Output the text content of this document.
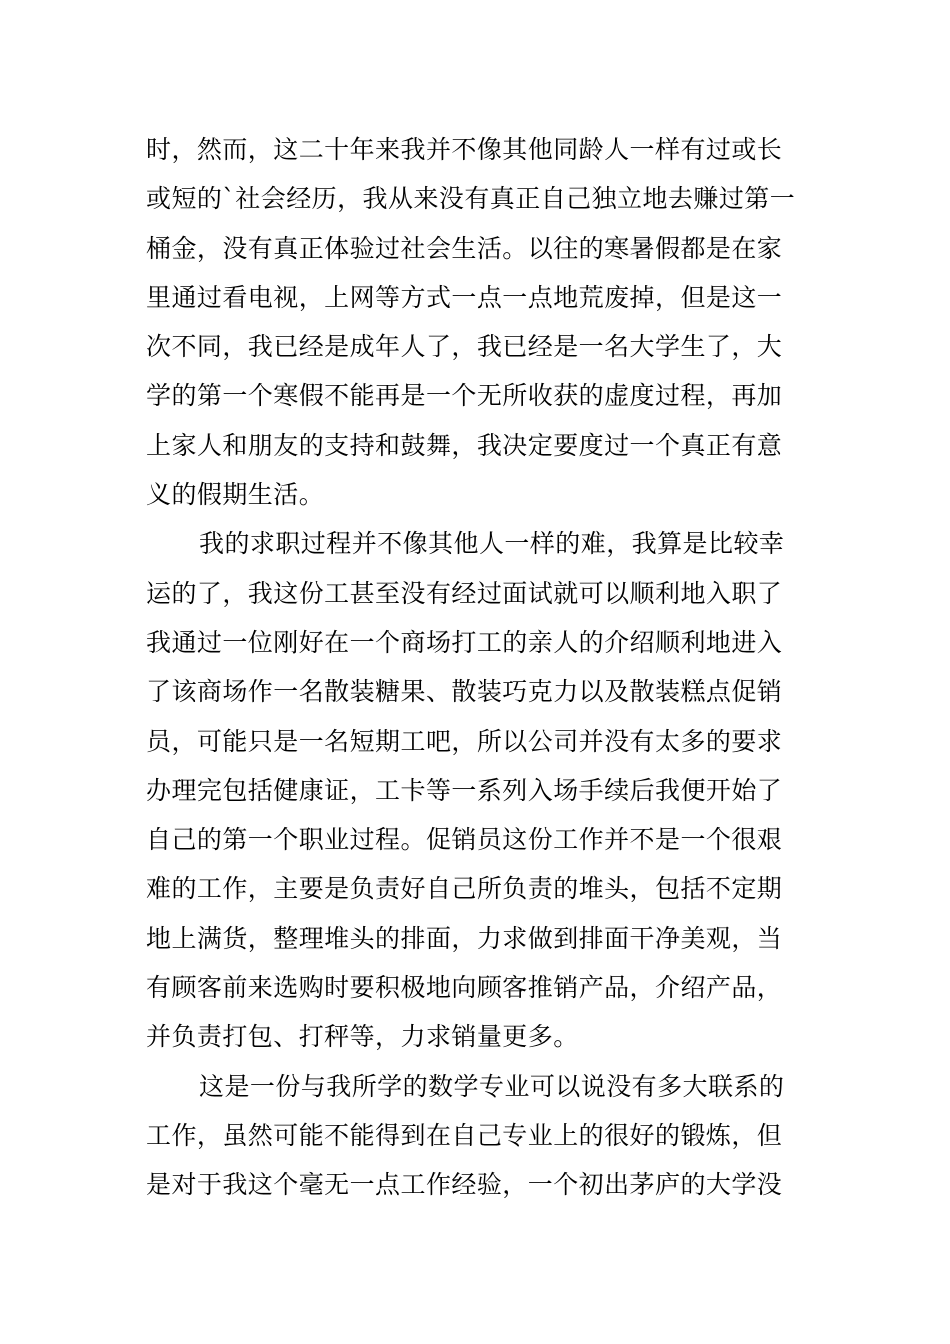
时，然而，这二十年来我并不像其他同龄人一样有过或长
或短的`社会经历，我从来没有真正自己独立地去赚过第一
桶金，没有真正体验过社会生活。以往的寒暑假都是在家
里通过看电视，上网等方式一点一点地荒废掉，但是这一
次不同，我已经是成年人了，我已经是一名大学生了，大
学的第一个寒假不能再是一个无所收获的虚度过程，再加
上家人和朋友的支持和鼓舞，我决定要度过一个真正有意
义的假期生活。
我的求职过程并不像其他人一样的难，我算是比较幸
运的了，我这份工甚至没有经过面试就可以顺利地入职了
我通过一位刚好在一个商场打工的亲人的介绍顺利地进入
了该商场作一名散装糖果、散装巧克力以及散装糕点促销
员，可能只是一名短期工吧，所以公司并没有太多的要求
办理完包括健康证，工卡等一系列入场手续后我便开始了
自己的第一个职业过程。促销员这份工作并不是一个很艰
难的工作，主要是负责好自己所负责的堆头，包括不定期
地上满货，整理堆头的排面，力求做到排面干净美观，当
有顾客前来选购时要积极地向顾客推销产品，介绍产品，
并负责打包、打秤等，力求销量更多。
这是一份与我所学的数学专业可以说没有多大联系的
工作，虽然可能不能得到在自己专业上的很好的锻炼，但
是对于我这个毫无一点工作经验，一个初出茅庐的大学没
